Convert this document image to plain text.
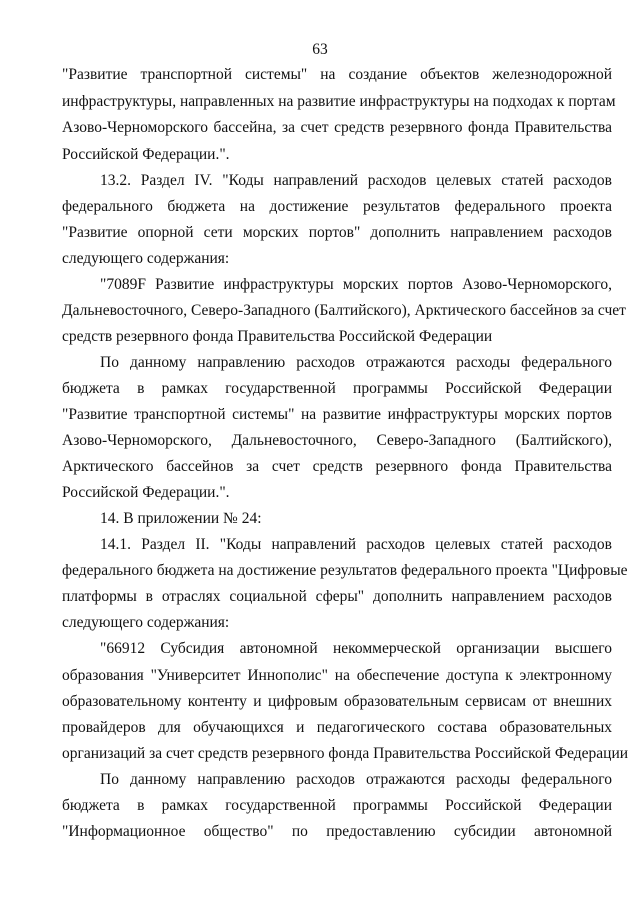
63
"Развитие транспортной системы" на создание объектов железнодорожной
инфраструктуры, направленных на развитие инфраструктуры на подходах к портам
Азово-Черноморского бассейна, за счет средств резервного фонда Правительства
Российской Федерации.".
13.2. Раздел IV. "Коды направлений расходов целевых статей расходов
федерального бюджета на достижение результатов федерального проекта
"Развитие опорной сети морских портов" дополнить направлением расходов
следующего содержания:
"7089F Развитие инфраструктуры морских портов Азово-Черноморского,
Дальневосточного, Северо-Западного (Балтийского), Арктического бассейнов за счет
средств резервного фонда Правительства Российской Федерации
По данному направлению расходов отражаются расходы федерального
бюджета в рамках государственной программы Российской Федерации
"Развитие транспортной системы" на развитие инфраструктуры морских портов
Азово-Черноморского, Дальневосточного, Северо-Западного (Балтийского),
Арктического бассейнов за счет средств резервного фонда Правительства
Российской Федерации.".
14. В приложении № 24:
14.1. Раздел II. "Коды направлений расходов целевых статей расходов
федерального бюджета на достижение результатов федерального проекта "Цифровые
платформы в отраслях социальной сферы" дополнить направлением расходов
следующего содержания:
"66912 Субсидия автономной некоммерческой организации высшего
образования "Университет Иннополис" на обеспечение доступа к электронному
образовательному контенту и цифровым образовательным сервисам от внешних
провайдеров для обучающихся и педагогического состава образовательных
организаций за счет средств резервного фонда Правительства Российской Федерации
По данному направлению расходов отражаются расходы федерального
бюджета в рамках государственной программы Российской Федерации
"Информационное общество" по предоставлению субсидии автономной
